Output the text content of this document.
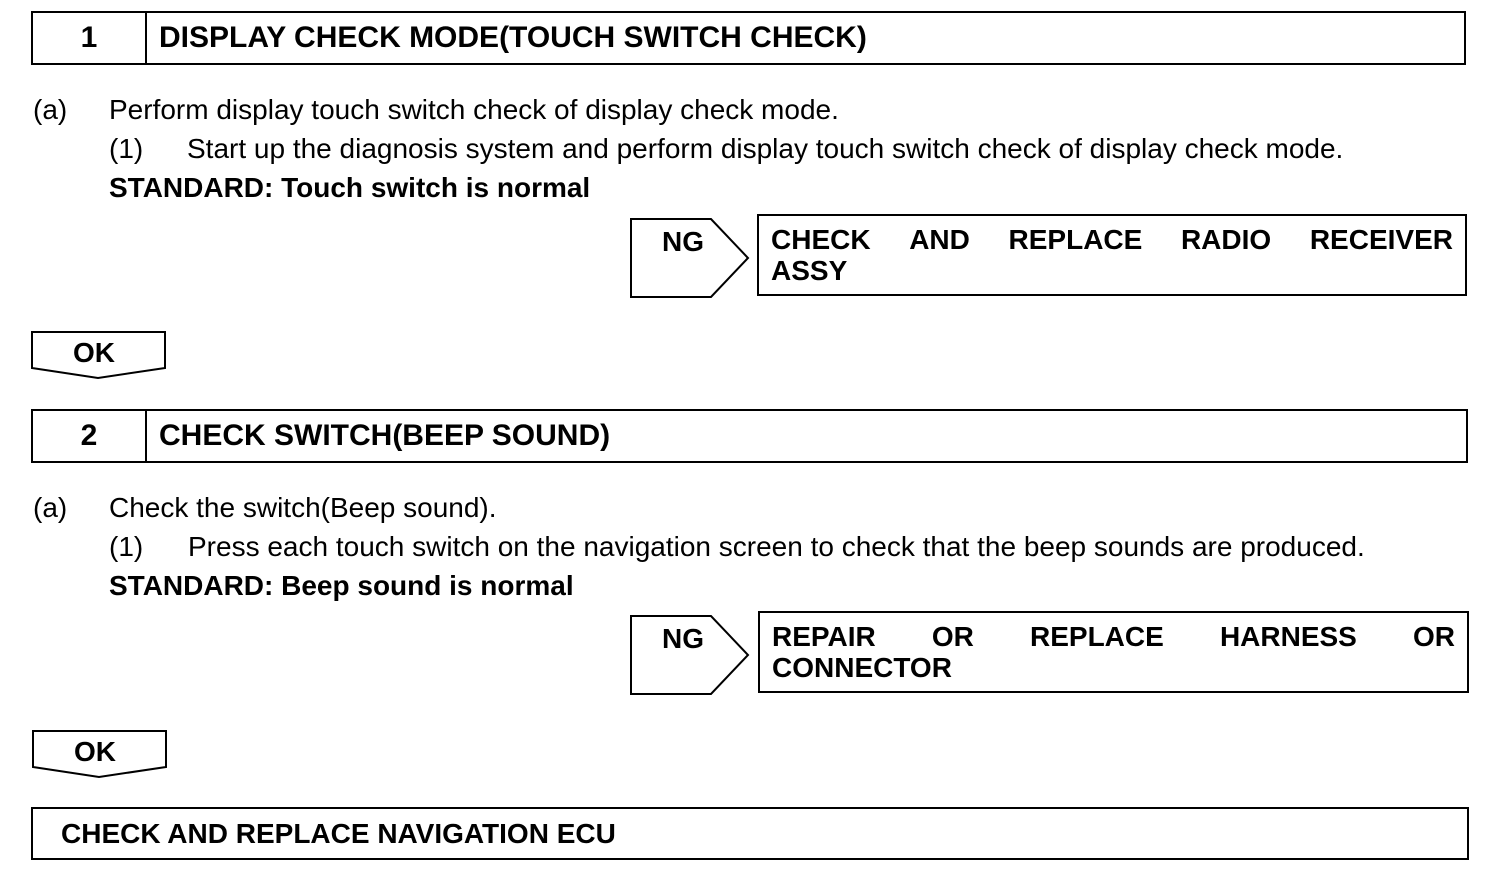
1	DISPLAY CHECK MODE(TOUCH SWITCH CHECK)
(a) Perform display touch switch check of display check mode.
(1) Start up the diagnosis system and perform display touch switch check of display check mode.
STANDARD: Touch switch is normal
NG CHECK AND REPLACE RADIO RECEIVER
ASSY
OK
2	CHECK SWITCH(BEEP SOUND)
(a) Check the switch(Beep sound).
(1) Press each touch switch on the navigation screen to check that the beep sounds are produced.
STANDARD: Beep sound is normal
NG REPAIR OR REPLACE HARNESS OR
CONNECTOR
OK
CHECK AND REPLACE NAVIGATION ECU
